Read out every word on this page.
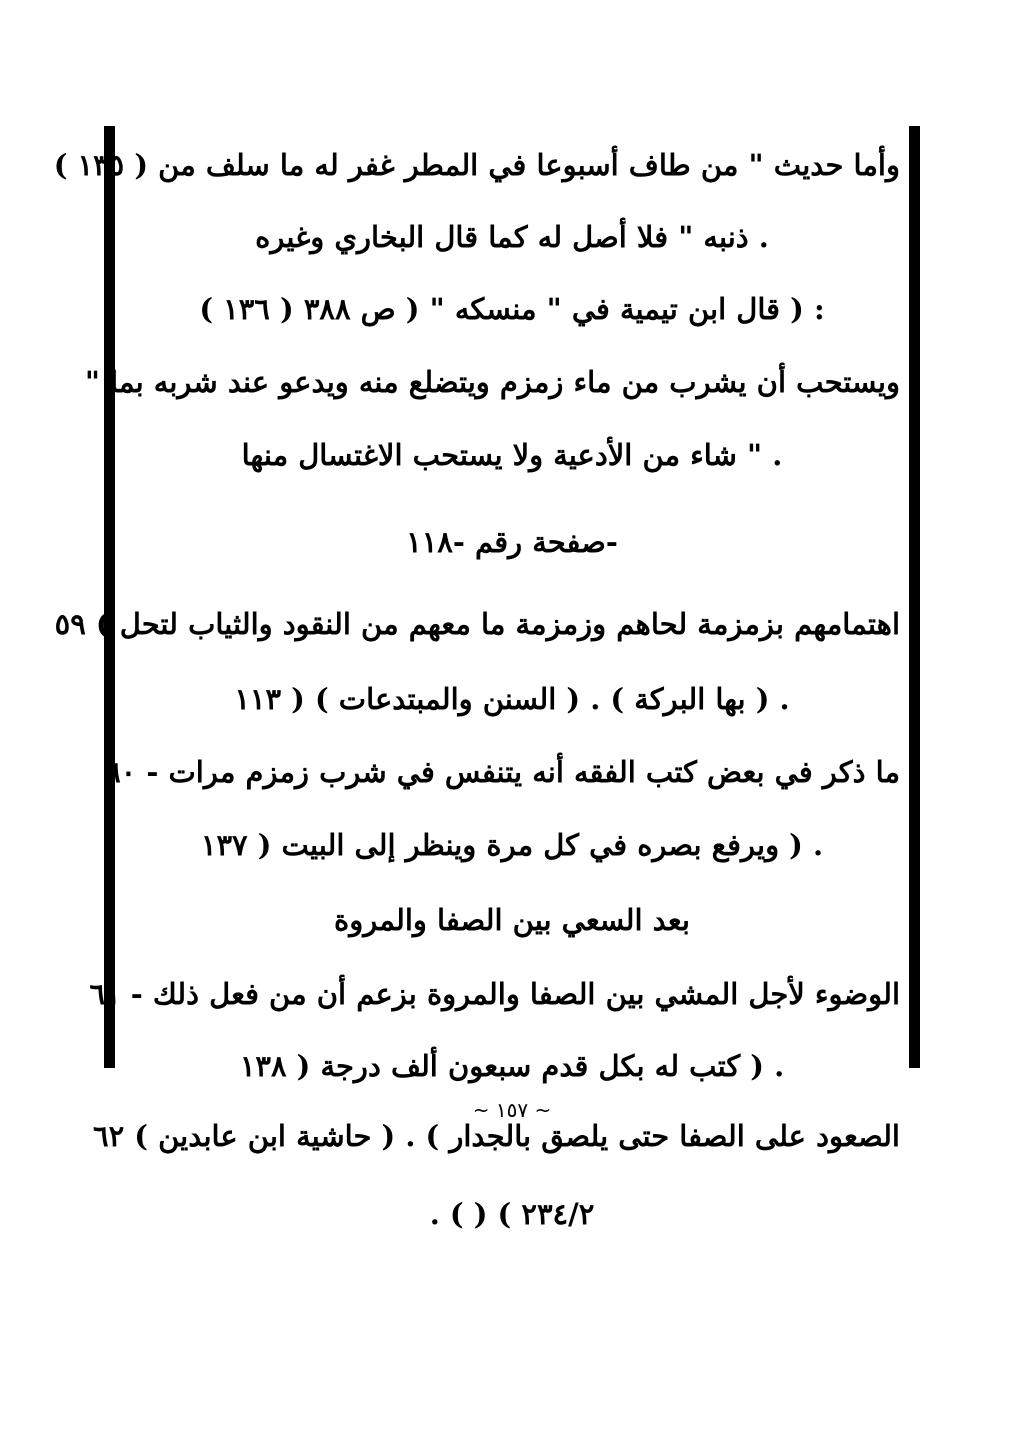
وأما حديث " من طاف أسبوعا في المطر غفر له ما سلف من ( ١٣٥ )
. ذنبه " فلا أصل له كما قال البخاري وغيره
: ( قال ابن تيمية في " منسكه " ( ص ٣٨٨ ( ١٣٦ )
ويستحب أن يشرب من ماء زمزم ويتضلع منه ويدعو عند شربه بما "
. " شاء من الأدعية ولا يستحب الاغتسال منها
-صفحة رقم -١١٨
اهتمامهم بزمزمة لحاهم وزمزمة ما معهم من النقود والثياب لتحل ) ٥٩
. ( بها البركة ) . ( السنن والمبتدعات ) ( ١١٣
ما ذكر في بعض كتب الفقه أنه يتنفس في شرب زمزم مرات - ٦٠
. ( ويرفع بصره في كل مرة وينظر إلى البيت ( ١٣٧
بعد السعي بين الصفا والمروة
الوضوء لأجل المشي بين الصفا والمروة بزعم أن من فعل ذلك - ٦١
. ( كتب له بكل قدم سبعون ألف درجة ( ١٣٨
الصعود على الصفا حتى يلصق بالجدار ) . ( حاشية ابن عابدين ) ٦٢
. ( ) ( ٢٣٤/٢
~ ١٥٧ ~
